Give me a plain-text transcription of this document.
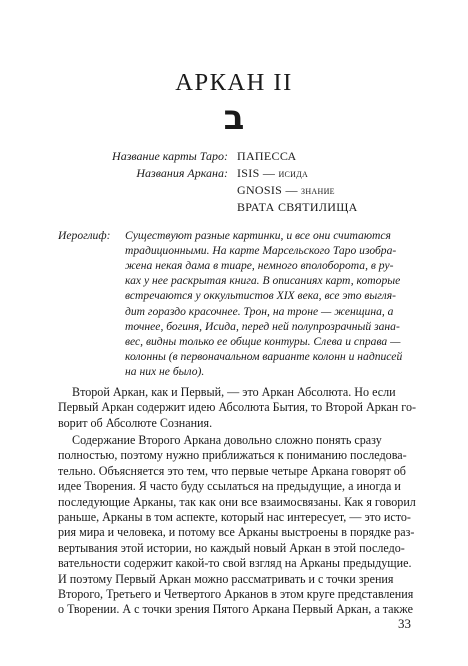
АРКАН II
ב
Название карты Таро: ПАПЕССА
Названия Аркана: ISIS — исида
GNOSIS — знание
ВРАТА СВЯТИЛИЩА
Иероглиф: Существуют разные картинки, и все они считаются
традиционными. На карте Марсельского Таро изобра-
жена некая дама в тиаре, немного вполоборота, в ру-
ках у нее раскрытая книга. В описаниях карт, которые
встречаются у оккультистов XIX века, все это выгля-
дит гораздо красочнее. Трон, на троне — женщина, а
точнее, богиня, Исида, перед ней полупрозрачный зана-
вес, видны только ее общие контуры. Слева и справа —
колонны (в первоначальном варианте колонн и надписей
на них не было).
Второй Аркан, как и Первый, — это Аркан Абсолюта. Но если
Первый Аркан содержит идею Абсолюта Бытия, то Второй Аркан го-
ворит об Абсолюте Сознания.
Содержание Второго Аркана довольно сложно понять сразу
полностью, поэтому нужно приближаться к пониманию последова-
тельно. Объясняется это тем, что первые четыре Аркана говорят об
идее Творения. Я часто буду ссылаться на предыдущие, а иногда и
последующие Арканы, так как они все взаимосвязаны. Как я говорил
раньше, Арканы в том аспекте, который нас интересует, — это исто-
рия мира и человека, и потому все Арканы выстроены в порядке раз-
вертывания этой истории, но каждый новый Аркан в этой последо-
вательности содержит какой-то свой взгляд на Арканы предыдущие.
И поэтому Первый Аркан можно рассматривать и с точки зрения
Второго, Третьего и Четвертого Арканов в этом круге представления
о Творении. А с точки зрения Пятого Аркана Первый Аркан, а также
33
